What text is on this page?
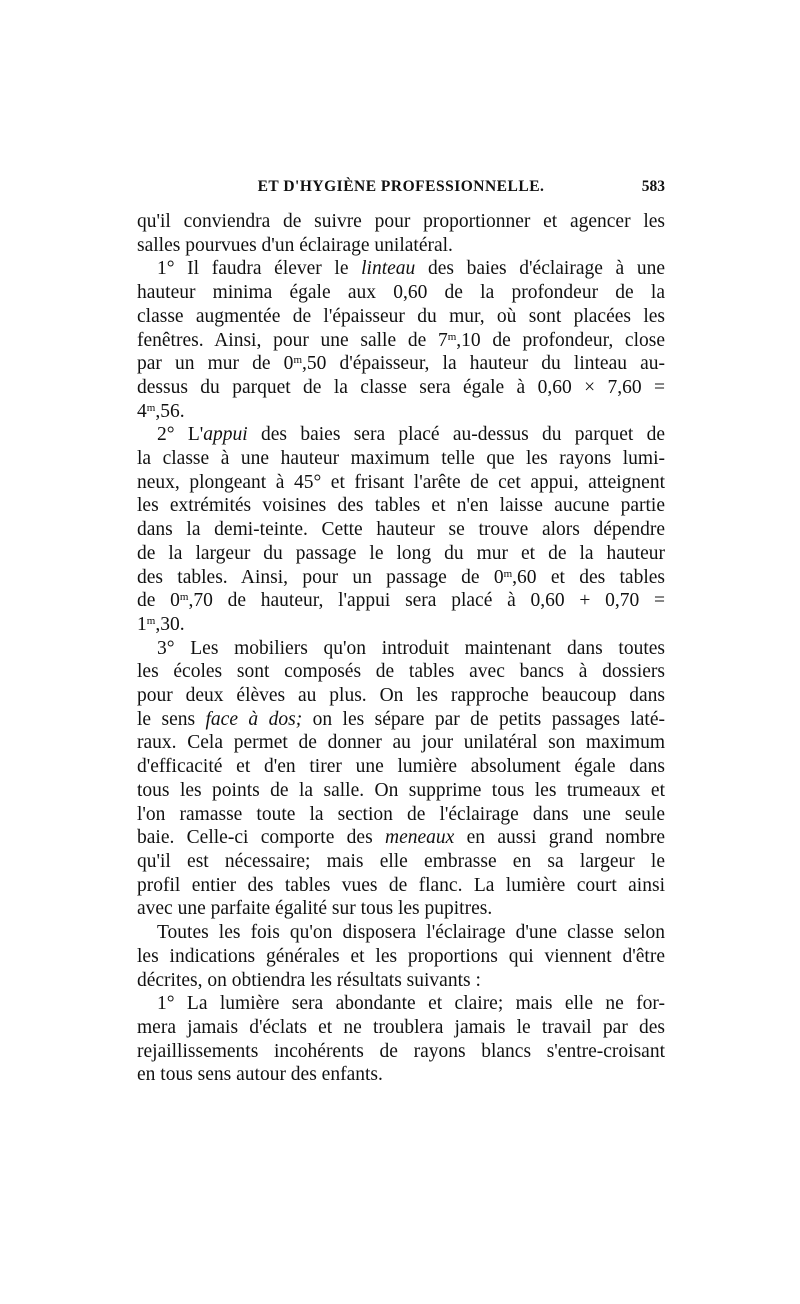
ET D'HYGIÈNE PROFESSIONNELLE.	583
qu'il conviendra de suivre pour proportionner et agencer les
salles pourvues d'un éclairage unilatéral.
1° Il faudra élever le linteau des baies d'éclairage à une
hauteur minima égale aux 0,60 de la profondeur de la
classe augmentée de l'épaisseur du mur, où sont placées les
fenêtres. Ainsi, pour une salle de 7$^m$,10 de profondeur, close
par un mur de 0$^m$,50 d'épaisseur, la hauteur du linteau au-
dessus du parquet de la classe sera égale à 0,60 × 7,60 =
$4^m,56$.
2° L'appui des baies sera placé au-dessus du parquet de
la classe à une hauteur maximum telle que les rayons lumi-
neux, plongeant à 45° et frisant l'arête de cet appui, atteignent
les extrémités voisines des tables et n'en laisse aucune partie
dans la demi-teinte. Cette hauteur se trouve alors dépendre
de la largeur du passage le long du mur et de la hauteur
des tables. Ainsi, pour un passage de 0$^m$,60 et des tables
de 0$^m$,70 de hauteur, l'appui sera placé à 0,60 + 0,70 =
$1^m,30$.
3° Les mobiliers qu'on introduit maintenant dans toutes
les écoles sont composés de tables avec bancs à dossiers
pour deux élèves au plus. On les rapproche beaucoup dans
le sens face à dos; on les sépare par de petits passages laté-
raux. Cela permet de donner au jour unilatéral son maximum
d'efficacité et d'en tirer une lumière absolument égale dans
tous les points de la salle. On supprime tous les trumeaux et
l'on ramasse toute la section de l'éclairage dans une seule
baie. Celle-ci comporte des meneaux en aussi grand nombre
qu'il est nécessaire; mais elle embrasse en sa largeur le
profil entier des tables vues de flanc. La lumière court ainsi
avec une parfaite égalité sur tous les pupitres.
Toutes les fois qu'on disposera l'éclairage d'une classe selon
les indications générales et les proportions qui viennent d'être
décrites, on obtiendra les résultats suivants :
1° La lumière sera abondante et claire; mais elle ne for-
mera jamais d'éclats et ne troublera jamais le travail par des
rejaillissements incohérents de rayons blancs s'entre-croisant
en tous sens autour des enfants.
